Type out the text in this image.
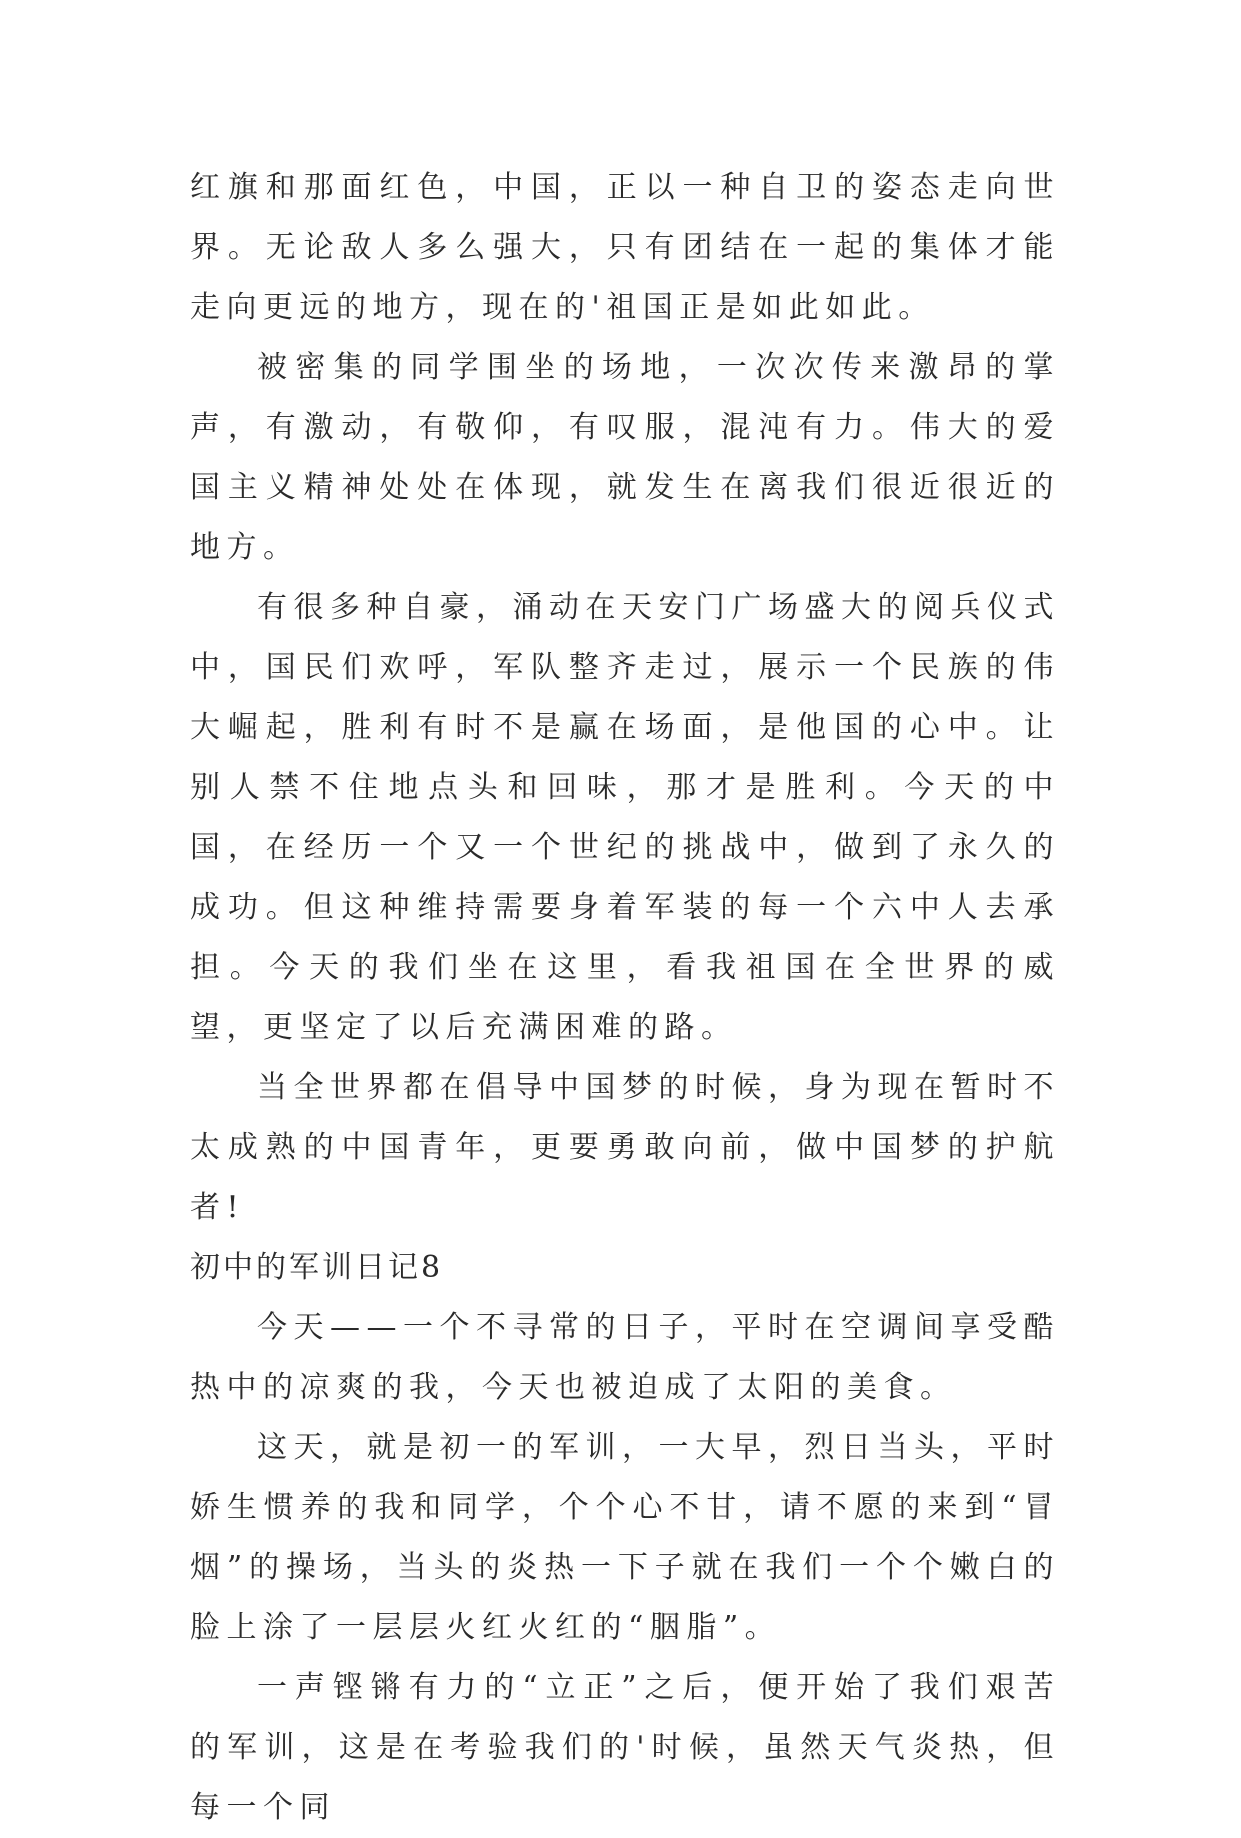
红旗和那面红色，中国，正以一种自卫的姿态走向世界。无论敌人多么强大，只有团结在一起的集体才能走向更远的地方，现在的'祖国正是如此如此。

被密集的同学围坐的场地，一次次传来激昂的掌声，有激动，有敬仰，有叹服，混沌有力。伟大的爱国主义精神处处在体现，就发生在离我们很近很近的地方。

有很多种自豪，涌动在天安门广场盛大的阅兵仪式中，国民们欢呼，军队整齐走过，展示一个民族的伟大崛起，胜利有时不是赢在场面，是他国的心中。让别人禁不住地点头和回味，那才是胜利。今天的中国，在经历一个又一个世纪的挑战中，做到了永久的成功。但这种维持需要身着军装的每一个六中人去承担。今天的我们坐在这里，看我祖国在全世界的威望，更坚定了以后充满困难的路。

当全世界都在倡导中国梦的时候，身为现在暂时不太成熟的中国青年，更要勇敢向前，做中国梦的护航者!

初中的军训日记8

今天——一个不寻常的日子，平时在空调间享受酷热中的凉爽的我，今天也被迫成了太阳的美食。

这天，就是初一的军训，一大早，烈日当头，平时娇生惯养的我和同学，个个心不甘，请不愿的来到“冒烟”的操场，当头的炎热一下子就在我们一个个嫩白的脸上涂了一层层火红火红的“胭脂”。

一声铿锵有力的“立正”之后，便开始了我们艰苦的军训，这是在考验我们的'时候，虽然天气炎热，但每一个同
